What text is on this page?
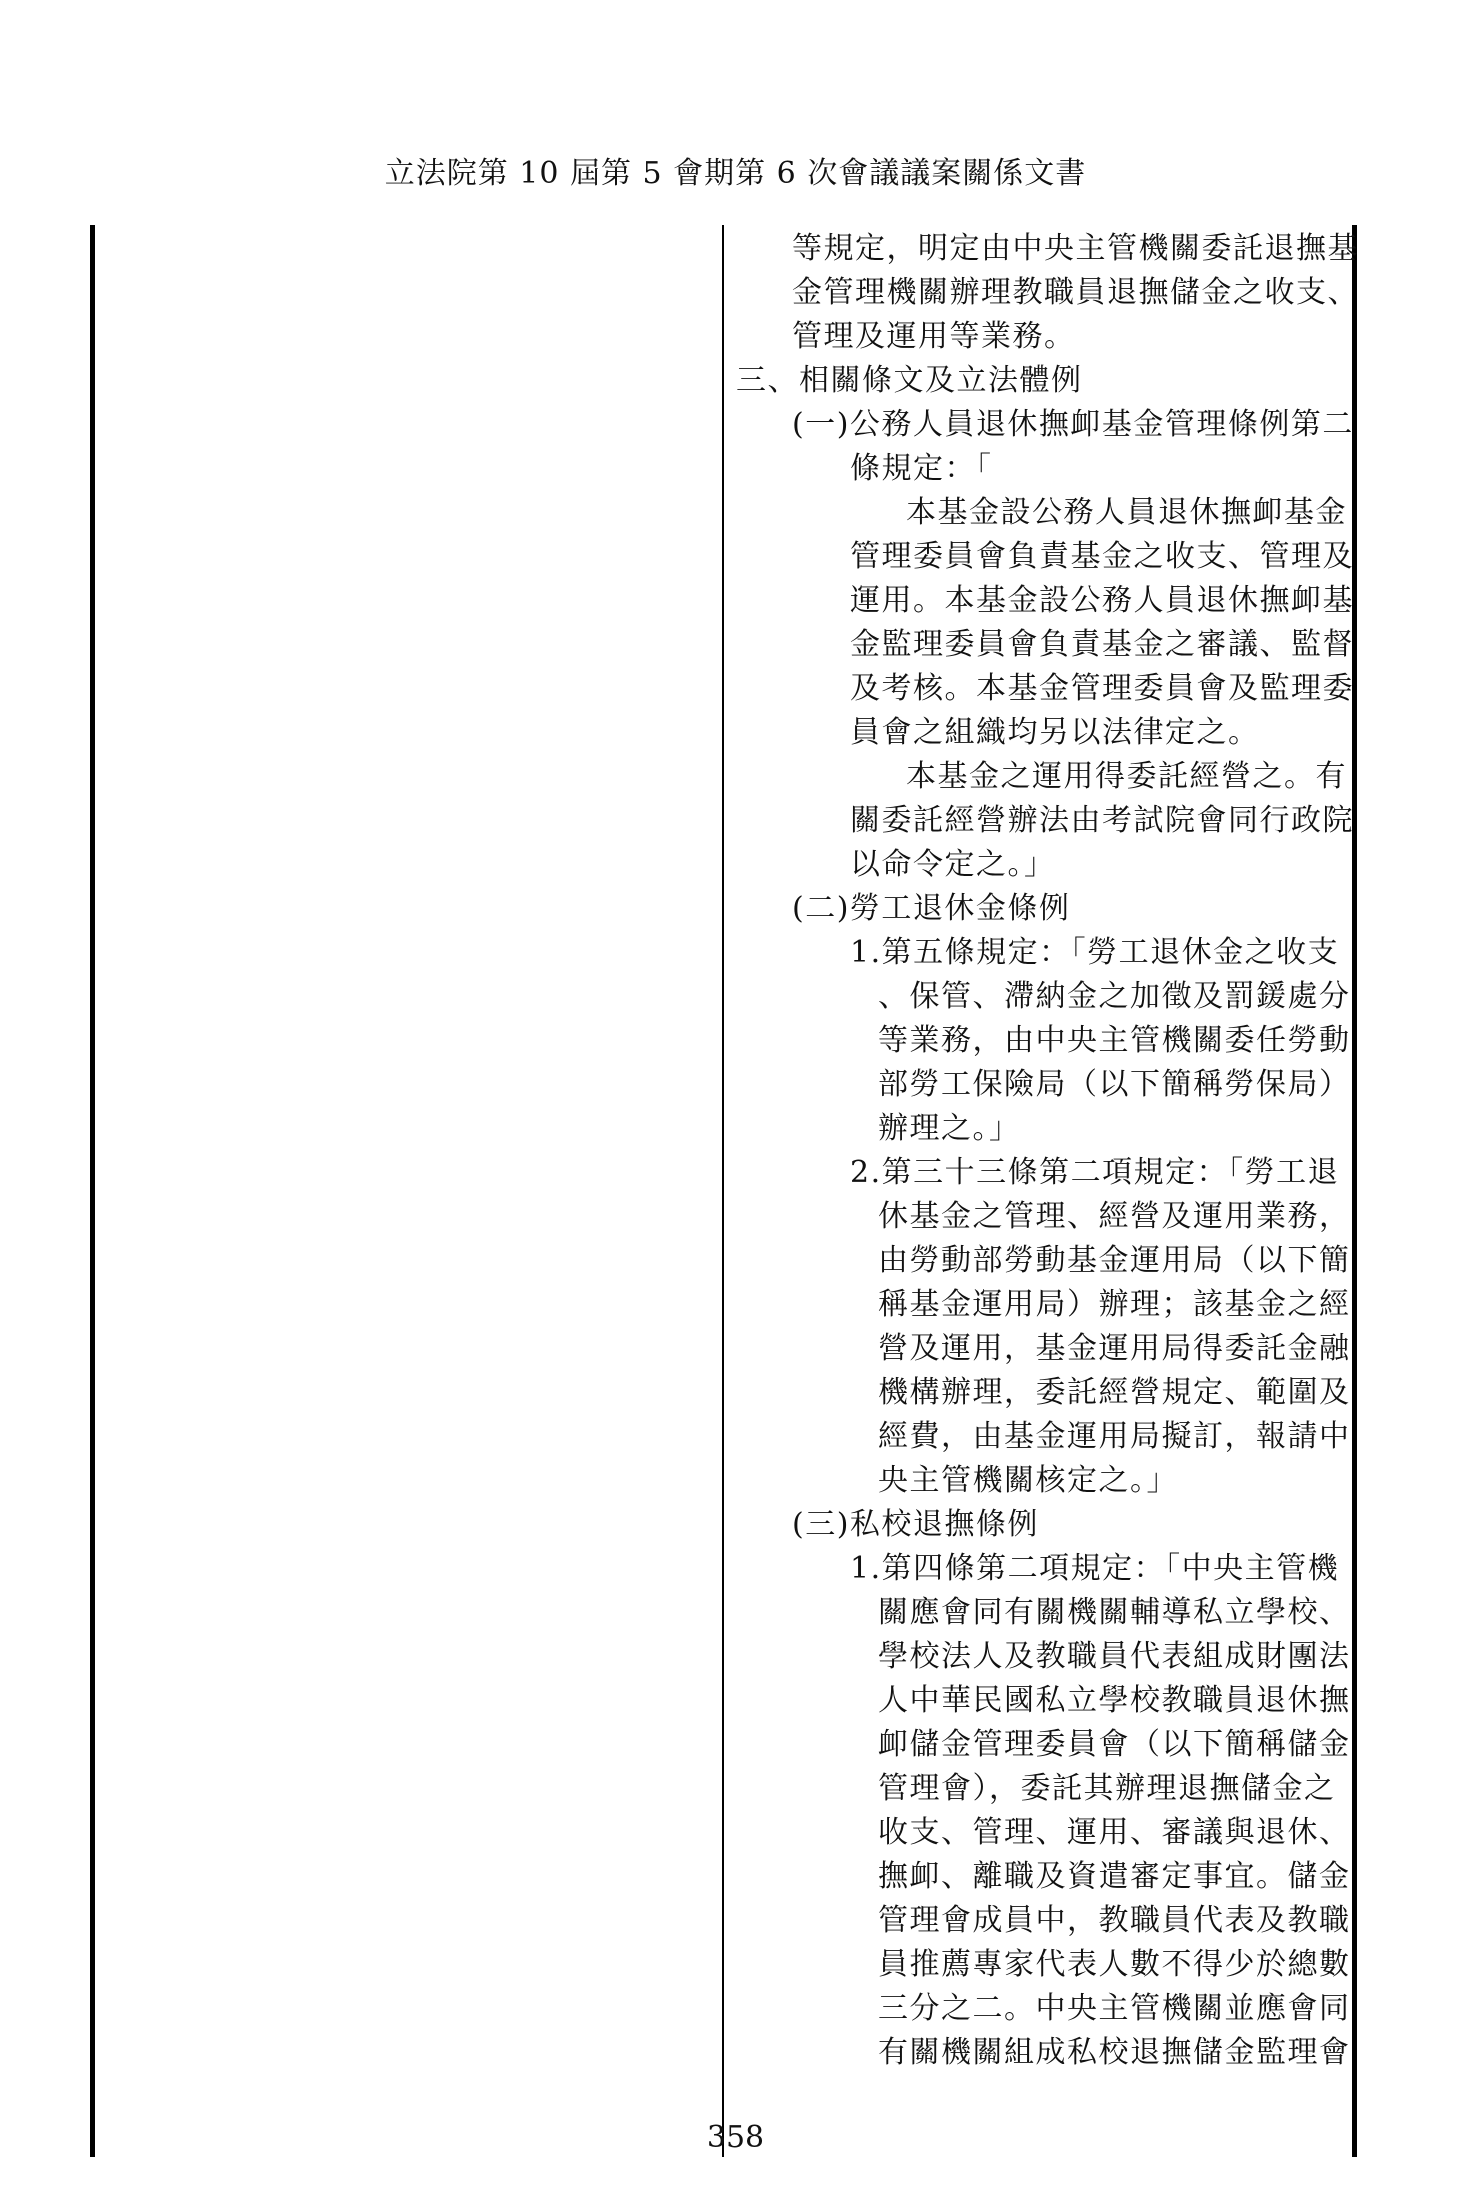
立法院第 10 屆第 5 會期第 6 次會議議案關係文書
等規定，明定由中央主管機關委託退撫基
金管理機關辦理教職員退撫儲金之收支、
管理及運用等業務。
三、相關條文及立法體例
(一)公務人員退休撫卹基金管理條例第二
條規定：「
本基金設公務人員退休撫卹基金
管理委員會負責基金之收支、管理及
運用。本基金設公務人員退休撫卹基
金監理委員會負責基金之審議、監督
及考核。本基金管理委員會及監理委
員會之組織均另以法律定之。
本基金之運用得委託經營之。有
關委託經營辦法由考試院會同行政院
以命令定之。」
(二)勞工退休金條例
1.第五條規定：「勞工退休金之收支
、保管、滯納金之加徵及罰鍰處分
等業務，由中央主管機關委任勞動
部勞工保險局（以下簡稱勞保局）
辦理之。」
2.第三十三條第二項規定：「勞工退
休基金之管理、經營及運用業務，
由勞動部勞動基金運用局（以下簡
稱基金運用局）辦理；該基金之經
營及運用，基金運用局得委託金融
機構辦理，委託經營規定、範圍及
經費，由基金運用局擬訂，報請中
央主管機關核定之。」
(三)私校退撫條例
1.第四條第二項規定：「中央主管機
關應會同有關機關輔導私立學校、
學校法人及教職員代表組成財團法
人中華民國私立學校教職員退休撫
卹儲金管理委員會（以下簡稱儲金
管理會），委託其辦理退撫儲金之
收支、管理、運用、審議與退休、
撫卹、離職及資遣審定事宜。儲金
管理會成員中，教職員代表及教職
員推薦專家代表人數不得少於總數
三分之二。中央主管機關並應會同
有關機關組成私校退撫儲金監理會
358
